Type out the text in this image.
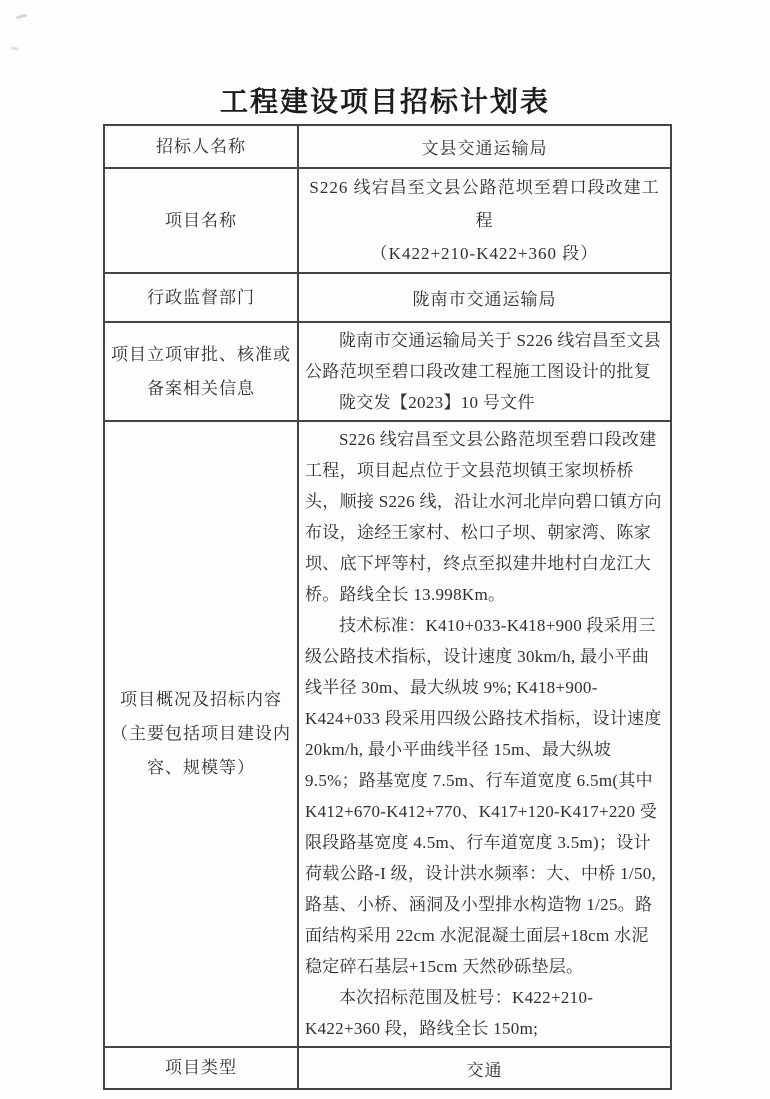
工程建设项目招标计划表
招标人名称	文县交通运输局
项目名称	S226 线宕昌至文县公路范坝至碧口段改建工程
（K422+210-K422+360 段）

行政监督部门	陇南市交通运输局
项目立项审批、核准或备案相关信息	陇南市交通运输局关于 S226 线宕昌至文县公路范坝至碧口段改建工程施工图设计的批复

陇交发【2023】10 号文件

项目概况及招标内容（主要包括项目建设内容、规模等）	S226 线宕昌至文县公路范坝至碧口段改建工程，项目起点位于文县范坝镇王家坝桥桥头，顺接 S226 线，沿让水河北岸向碧口镇方向布设，途经王家村、松口子坝、朝家湾、陈家坝、底下坪等村，终点至拟建井地村白龙江大桥。路线全长 13.998Km。

技术标准：K410+033-K418+900 段采用三级公路技术指标，设计速度 30km/h, 最小平曲线半径 30m、最大纵坡 9%; K418+900-K424+033 段采用四级公路技术指标，设计速度 20km/h, 最小平曲线半径 15m、最大纵坡 9.5%；路基宽度 7.5m、行车道宽度 6.5m(其中 K412+670-K412+770、K417+120-K417+220 受限段路基宽度 4.5m、行车道宽度 3.5m)；设计荷载公路-I 级，设计洪水频率：大、中桥 1/50, 路基、小桥、涵洞及小型排水构造物 1/25。路面结构采用 22cm 水泥混凝土面层+18cm 水泥稳定碎石基层+15cm 天然砂砾垫层。

本次招标范围及桩号：K422+210-K422+360 段，路线全长 150m;

项目类型	交通
